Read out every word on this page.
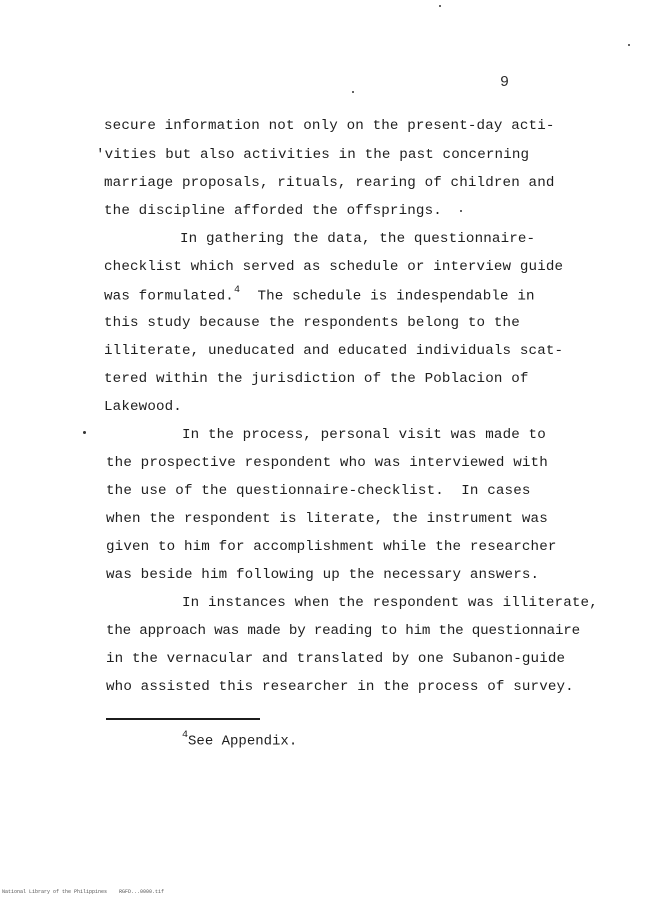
9
secure information not only on the present-day acti-
'vities but also activities in the past concerning
marriage proposals, rituals, rearing of children and
the discipline afforded the offsprings.
In gathering the data, the questionnaire-
checklist which served as schedule or interview guide
was formulated.$^4$ The schedule is indespendable in
this study because the respondents belong to the
illiterate, uneducated and educated individuals scat-
tered within the jurisdiction of the Poblacion of
Lakewood.
In the process, personal visit was made to
the prospective respondent who was interviewed with
the use of the questionnaire-checklist.  In cases
when the respondent is literate, the instrument was
given to him for accomplishment while the researcher
was beside him following up the necessary answers.
In instances when the respondent was illiterate,
the approach was made by reading to him the questionnaire
in the vernacular and translated by one Subanon-guide
who assisted this researcher in the process of survey.
$^4$See Appendix.
National Library of the Philippines    RGFD...0000.tif
